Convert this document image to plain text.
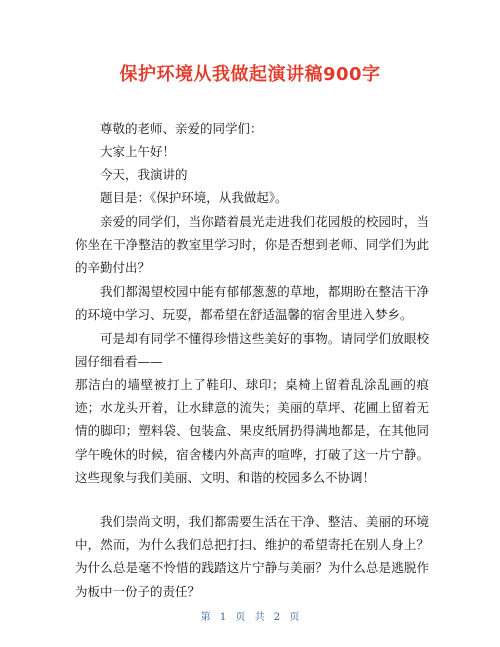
保护环境从我做起演讲稿900字

尊敬的老师、亲爱的同学们：

大家上午好！

今天，我演讲的

题目是：《保护环境，从我做起》。

亲爱的同学们，当你踏着晨光走进我们花园般的校园时，当你坐在干净整洁的教室里学习时，你是否想到老师、同学们为此的辛勤付出？

我们都渴望校园中能有郁郁葱葱的草地，都期盼在整洁干净的环境中学习、玩耍，都希望在舒适温馨的宿舍里进入梦乡。

可是却有同学不懂得珍惜这些美好的事物。请同学们放眼校园仔细看看——

那洁白的墙壁被打上了鞋印、球印；桌椅上留着乱涂乱画的痕迹；水龙头开着，让水肆意的流失；美丽的草坪、花圃上留着无情的脚印；塑料袋、包装盒、果皮纸屑扔得满地都是，在其他同学午晚休的时候，宿舍楼内外高声的喧哗，打破了这一片宁静。这些现象与我们美丽、文明、和谐的校园多么不协调！

我们崇尚文明，我们都需要生活在干净、整洁、美丽的环境中，然而，为什么我们总把打扫、维护的希望寄托在别人身上？为什么总是毫不怜惜的践踏这片宁静与美丽？为什么总是逃脱作为板中一份子的责任？

第 1 页 共 2 页
